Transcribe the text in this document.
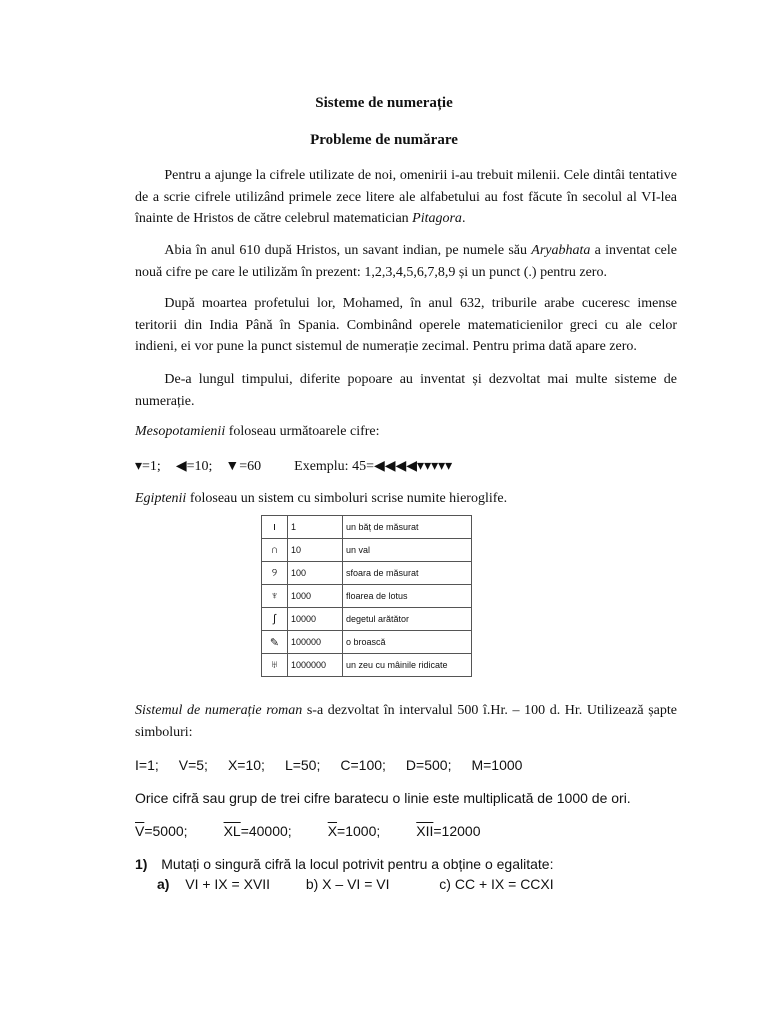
Sisteme de numerație
Probleme de numărare
Pentru a ajunge la cifrele utilizate de noi, omenirii i-au trebuit milenii. Cele dintâi tentative de a scrie cifrele utilizând primele zece litere ale alfabetului au fost făcute în secolul al VI-lea înainte de Hristos de către celebrul matematician Pitagora.
Abia în anul 610 după Hristos, un savant indian, pe numele său Aryabhata a inventat cele nouă cifre pe care le utilizăm în prezent: 1,2,3,4,5,6,7,8,9 și un punct (.) pentru zero.
După moartea profetului lor, Mohamed, în anul 632, triburile arabe cuceresc imense teritorii din India Până în Spania. Combinând operele matematicienilor greci cu ale celor indieni, ei vor pune la punct sistemul de numerație zecimal. Pentru prima dată apare zero.
De-a lungul timpului, diferite popoare au inventat și dezvoltat mai multe sisteme de numerație.
Mesopotamienii foloseau următoarele cifre:
▾=1; ◀=10; ▼=60 Exemplu: 45=◀◀◀◀▾▾▾▾▾
Egiptenii foloseau un sistem cu simboluri scrise numite hieroglife.
ı	1	un băț de măsurat
∩	10	un val
୨	100	sfoara de măsurat
♆	1000	floarea de lotus
∫	10000	degetul arătător
✎	100000	o broască
♅	1000000	un zeu cu mâinile ridicate
Sistemul de numerație roman s-a dezvoltat în intervalul 500 î.Hr. – 100 d. Hr. Utilizează șapte simboluri:
I=1; V=5; X=10; L=50; C=100; D=500; M=1000
Orice cifră sau grup de trei cifre baratecu o linie este multiplicată de 1000 de ori.
$\overline{V}=5000$;	$\overline{XL}=40000$;	$\overline{X}=1000$;	$\overline{XII}=12000$
1) Mutați o singură cifră la locul potrivit pentru a obține o egalitate:
a) VI + IX = XVII	b) X – VI = VI	c) CC + IX = CCXI
